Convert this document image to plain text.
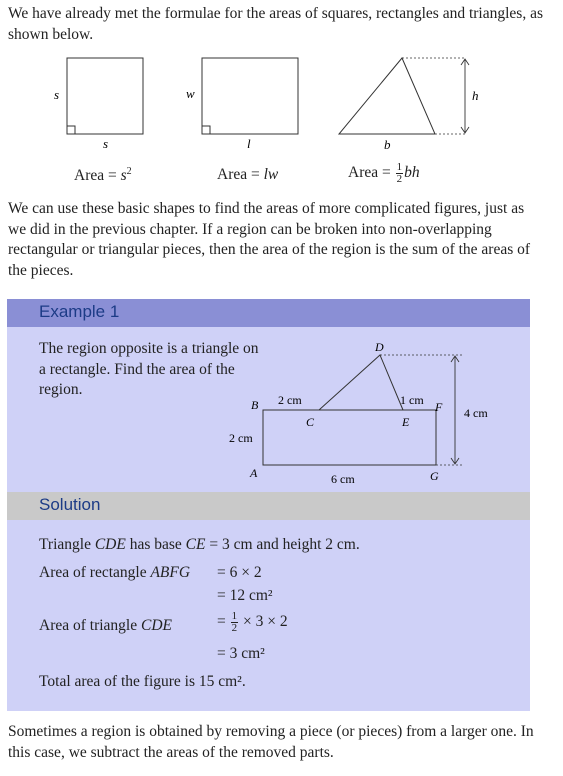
We have already met the formulae for the areas of squares, rectangles and triangles, as shown below.
s
s
w
l
h
b
Area = $s^2$	Area = lw	Area = $\frac{1}{2}$ bh
We can use these basic shapes to find the areas of more complicated figures, just as we did in the previous chapter. If a region can be broken into non-overlapping rectangular or triangular pieces, then the area of the region is the sum of the areas of the pieces.
Example 1
The region opposite is a triangle on a rectangle. Find the area of the region.
B
C
D
E
F
A	G
2 cm	1 cm
4 cm
2 cm
6 cm
Solution
Triangle CDE has base CE = 3 cm and height 2 cm.
Area of rectangle ABFG = 6 × 2
= 12 cm²
Area of triangle CDE	= $\frac{1}{2} \times 3 \times 2$
= 3 cm²
Total area of the figure is 15 cm².
Sometimes a region is obtained by removing a piece (or pieces) from a larger one. In this case, we subtract the areas of the removed parts.
